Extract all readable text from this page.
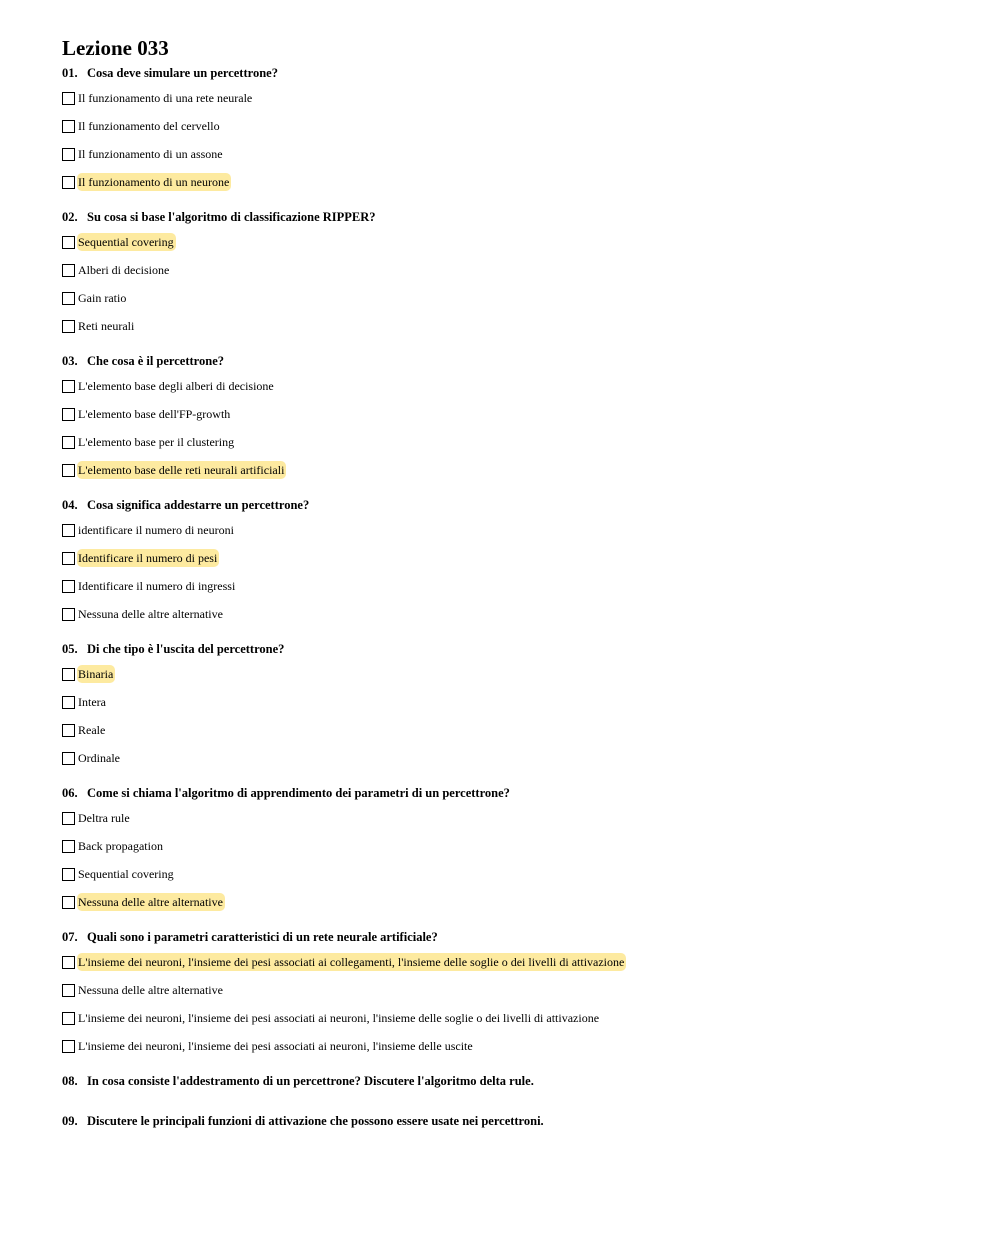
Lezione 033
01. Cosa deve simulare un percettrone?
Il funzionamento di una rete neurale
Il funzionamento del cervello
Il funzionamento di un assone
Il funzionamento di un neurone
02. Su cosa si base l'algoritmo di classificazione RIPPER?
Sequential covering
Alberi di decisione
Gain ratio
Reti neurali
03. Che cosa è il percettrone?
L'elemento base degli alberi di decisione
L'elemento base dell'FP-growth
L'elemento base per il clustering
L'elemento base delle reti neurali artificiali
04. Cosa significa addestarre un percettrone?
identificare il numero di neuroni
Identificare il numero di pesi
Identificare il numero di ingressi
Nessuna delle altre alternative
05. Di che tipo è l'uscita del percettrone?
Binaria
Intera
Reale
Ordinale
06. Come si chiama l'algoritmo di apprendimento dei parametri di un percettrone?
Deltra rule
Back propagation
Sequential covering
Nessuna delle altre alternative
07. Quali sono i parametri caratteristici di un rete neurale artificiale?
L'insieme dei neuroni, l'insieme dei pesi associati ai collegamenti, l'insieme delle soglie o dei livelli di attivazione
Nessuna delle altre alternative
L'insieme dei neuroni, l'insieme dei pesi associati ai neuroni, l'insieme delle soglie o dei livelli di attivazione
L'insieme dei neuroni, l'insieme dei pesi associati ai neuroni, l'insieme delle uscite
08. In cosa consiste l'addestramento di un percettrone? Discutere l'algoritmo delta rule.
09. Discutere le principali funzioni di attivazione che possono essere usate nei percettroni.
